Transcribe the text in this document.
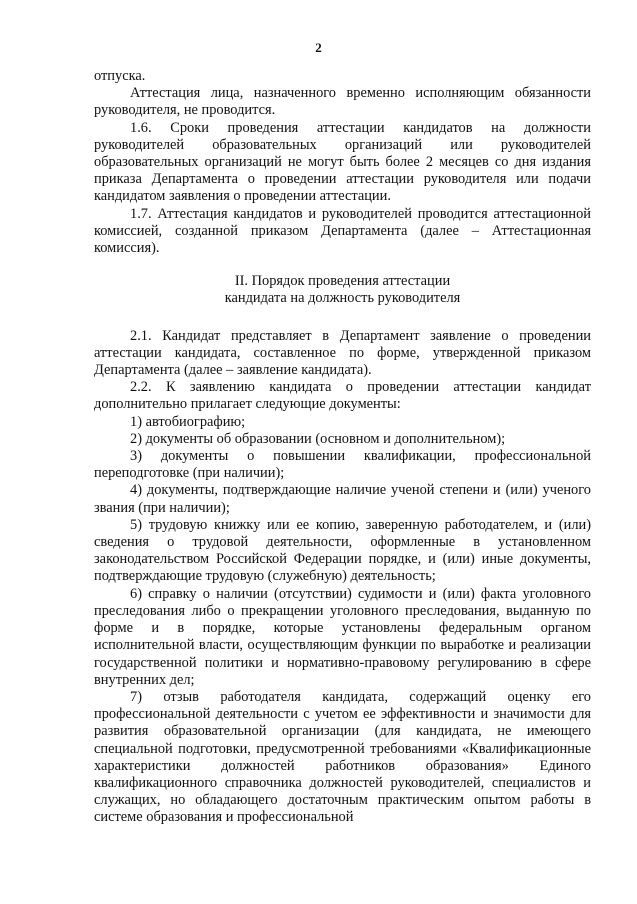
2

отпуска.

Аттестация лица, назначенного временно исполняющим обязанности руководителя, не проводится.

1.6. Сроки проведения аттестации кандидатов на должности руководителей образовательных организаций или руководителей образовательных организаций не могут быть более 2 месяцев со дня издания приказа Департамента о проведении аттестации руководителя или подачи кандидатом заявления о проведении аттестации.

1.7. Аттестация кандидатов и руководителей проводится аттестационной комиссией, созданной приказом Департамента (далее – Аттестационная комиссия).

II. Порядок проведения аттестации
кандидата на должность руководителя

2.1. Кандидат представляет в Департамент заявление о проведении аттестации кандидата, составленное по форме, утвержденной приказом Департамента (далее – заявление кандидата).

2.2. К заявлению кандидата о проведении аттестации кандидат дополнительно прилагает следующие документы:

1) автобиографию;

2) документы об образовании (основном и дополнительном);

3) документы о повышении квалификации, профессиональной переподготовке (при наличии);

4) документы, подтверждающие наличие ученой степени и (или) ученого звания (при наличии);

5) трудовую книжку или ее копию, заверенную работодателем, и (или) сведения о трудовой деятельности, оформленные в установленном законодательством Российской Федерации порядке, и (или) иные документы, подтверждающие трудовую (служебную) деятельность;

6) справку о наличии (отсутствии) судимости и (или) факта уголовного преследования либо о прекращении уголовного преследования, выданную по форме и в порядке, которые установлены федеральным органом исполнительной власти, осуществляющим функции по выработке и реализации государственной политики и нормативно-правовому регулированию в сфере внутренних дел;

7) отзыв работодателя кандидата, содержащий оценку его профессиональной деятельности с учетом ее эффективности и значимости для развития образовательной организации (для кандидата, не имеющего специальной подготовки, предусмотренной требованиями «Квалификационные характеристики должностей работников образования» Единого квалификационного справочника должностей руководителей, специалистов и служащих, но обладающего достаточным практическим опытом работы в системе образования и профессиональной
